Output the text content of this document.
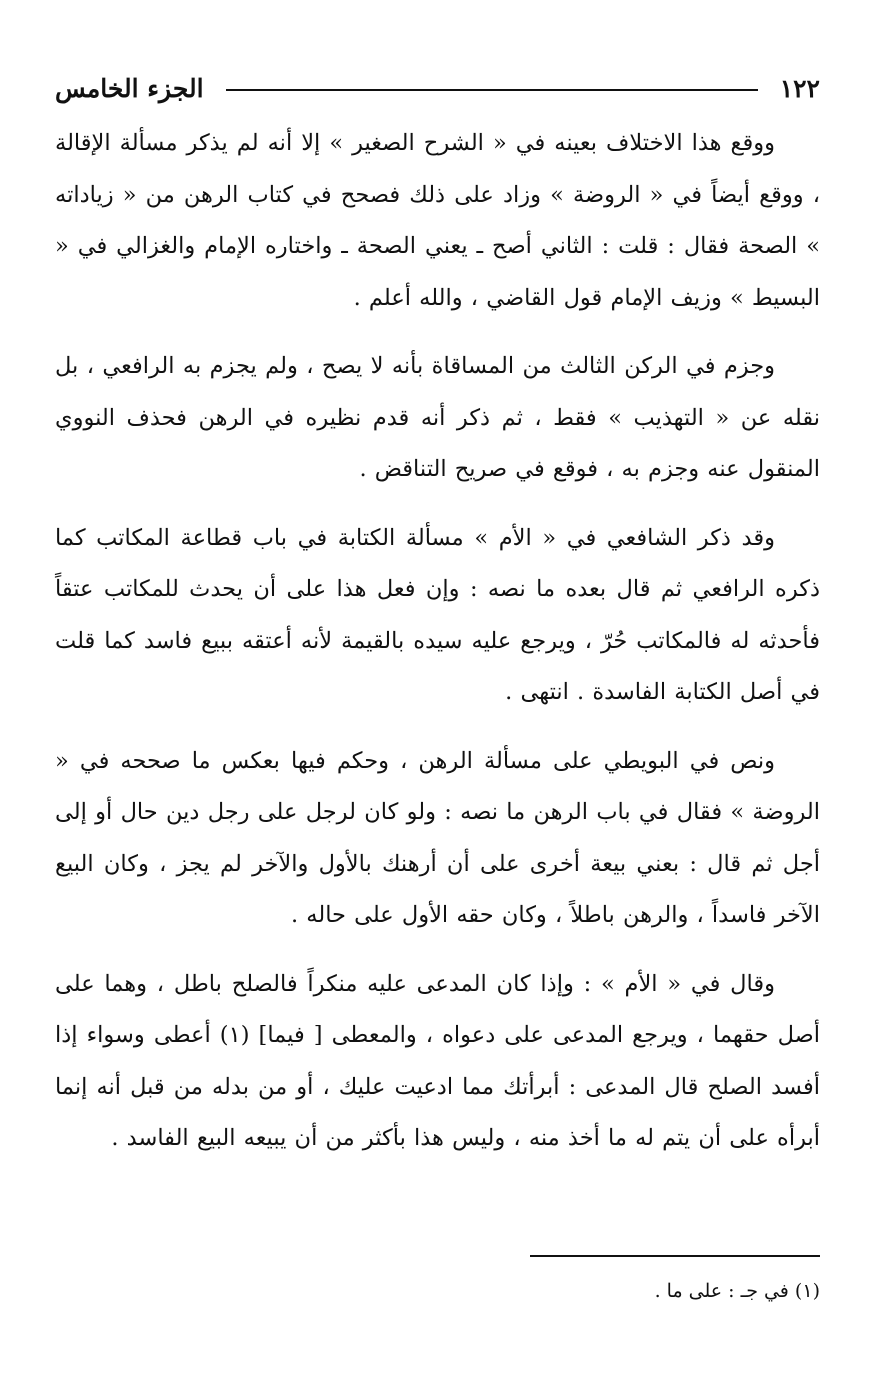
١٢٢
الجزء الخامس

ووقع هذا الاختلاف بعينه في « الشرح الصغير » إلا أنه لم يذكر مسألة الإقالة ، ووقع أيضاً في « الروضة » وزاد على ذلك فصحح في كتاب الرهن من « زياداته » الصحة فقال : قلت : الثاني أصح ـ يعني الصحة ـ واختاره الإمام والغزالي في « البسيط » وزيف الإمام قول القاضي ، والله أعلم .

وجزم في الركن الثالث من المساقاة بأنه لا يصح ، ولم يجزم به الرافعي ، بل نقله عن « التهذيب » فقط ، ثم ذكر أنه قدم نظيره في الرهن فحذف النووي المنقول عنه وجزم به ، فوقع في صريح التناقض .

وقد ذكر الشافعي في « الأم » مسألة الكتابة في باب قطاعة المكاتب كما ذكره الرافعي ثم قال بعده ما نصه : وإن فعل هذا على أن يحدث للمكاتب عتقاً فأحدثه له فالمكاتب حُرّ ، ويرجع عليه سيده بالقيمة لأنه أعتقه ببيع فاسد كما قلت في أصل الكتابة الفاسدة . انتهى .

ونص في البويطي على مسألة الرهن ، وحكم فيها بعكس ما صححه في « الروضة » فقال في باب الرهن ما نصه : ولو كان لرجل على رجل دين حال أو إلى أجل ثم قال : بعني بيعة أخرى على أن أرهنك بالأول والآخر لم يجز ، وكان البيع الآخر فاسداً ، والرهن باطلاً ، وكان حقه الأول على حاله .

وقال في « الأم » : وإذا كان المدعى عليه منكراً فالصلح باطل ، وهما على أصل حقهما ، ويرجع المدعى على دعواه ، والمعطى [ فيما] (١) أعطى وسواء إذا أفسد الصلح قال المدعى : أبرأتك مما ادعيت عليك ، أو من بدله من قبل أنه إنما أبرأه على أن يتم له ما أخذ منه ، وليس هذا بأكثر من أن يبيعه البيع الفاسد .

(١) في جـ : على ما .
